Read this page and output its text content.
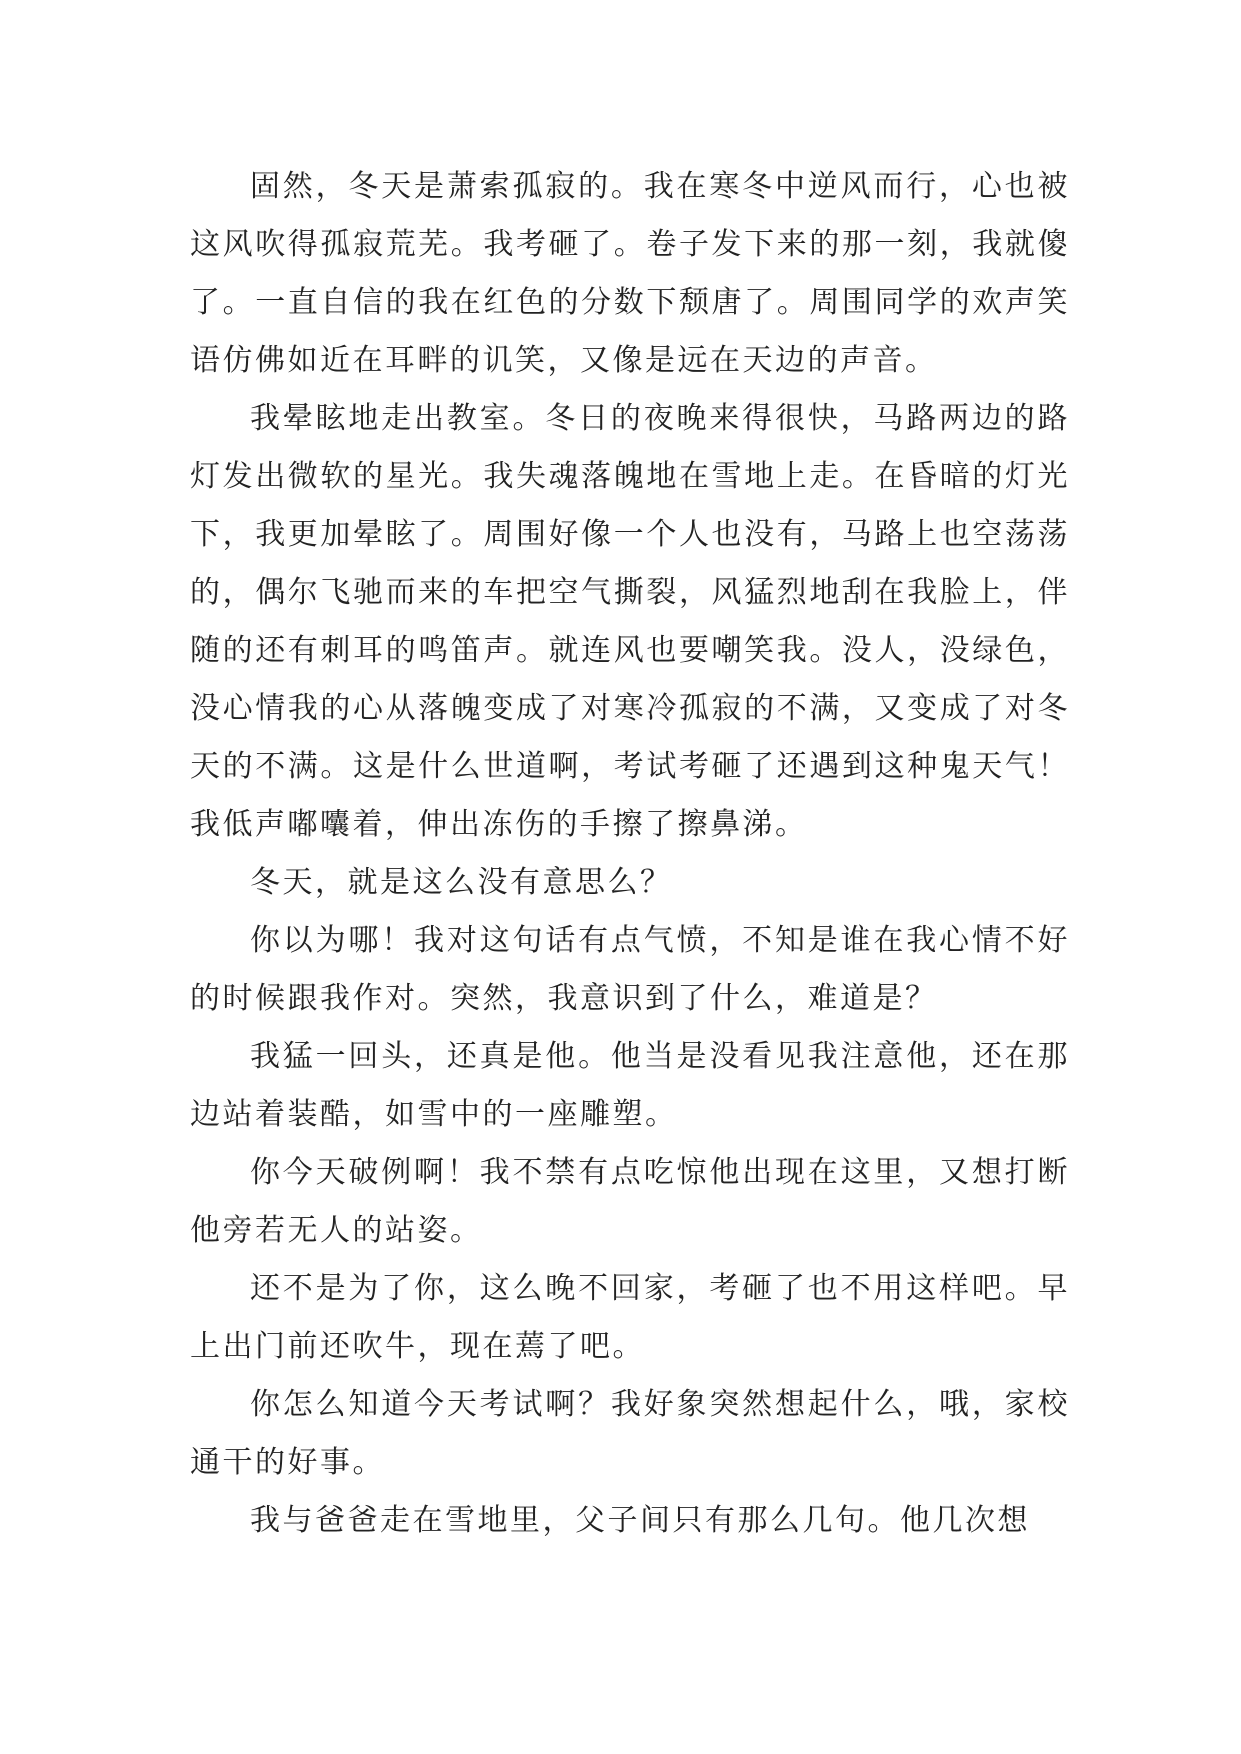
固然，冬天是萧索孤寂的。我在寒冬中逆风而行，心也被这风吹得孤寂荒芜。我考砸了。卷子发下来的那一刻，我就傻了。一直自信的我在红色的分数下颓唐了。周围同学的欢声笑语仿佛如近在耳畔的讥笑，又像是远在天边的声音。

我晕眩地走出教室。冬日的夜晚来得很快，马路两边的路灯发出微软的星光。我失魂落魄地在雪地上走。在昏暗的灯光下，我更加晕眩了。周围好像一个人也没有，马路上也空荡荡的，偶尔飞驰而来的车把空气撕裂，风猛烈地刮在我脸上，伴随的还有刺耳的鸣笛声。就连风也要嘲笑我。没人，没绿色，没心情我的心从落魄变成了对寒冷孤寂的不满，又变成了对冬天的不满。这是什么世道啊，考试考砸了还遇到这种鬼天气！我低声嘟囔着，伸出冻伤的手擦了擦鼻涕。

冬天，就是这么没有意思么？

你以为哪！我对这句话有点气愤，不知是谁在我心情不好的时候跟我作对。突然，我意识到了什么，难道是？

我猛一回头，还真是他。他当是没看见我注意他，还在那边站着装酷，如雪中的一座雕塑。

你今天破例啊！我不禁有点吃惊他出现在这里，又想打断他旁若无人的站姿。

还不是为了你，这么晚不回家，考砸了也不用这样吧。早上出门前还吹牛，现在蔫了吧。

你怎么知道今天考试啊？我好象突然想起什么，哦，家校通干的好事。

我与爸爸走在雪地里，父子间只有那么几句。他几次想
